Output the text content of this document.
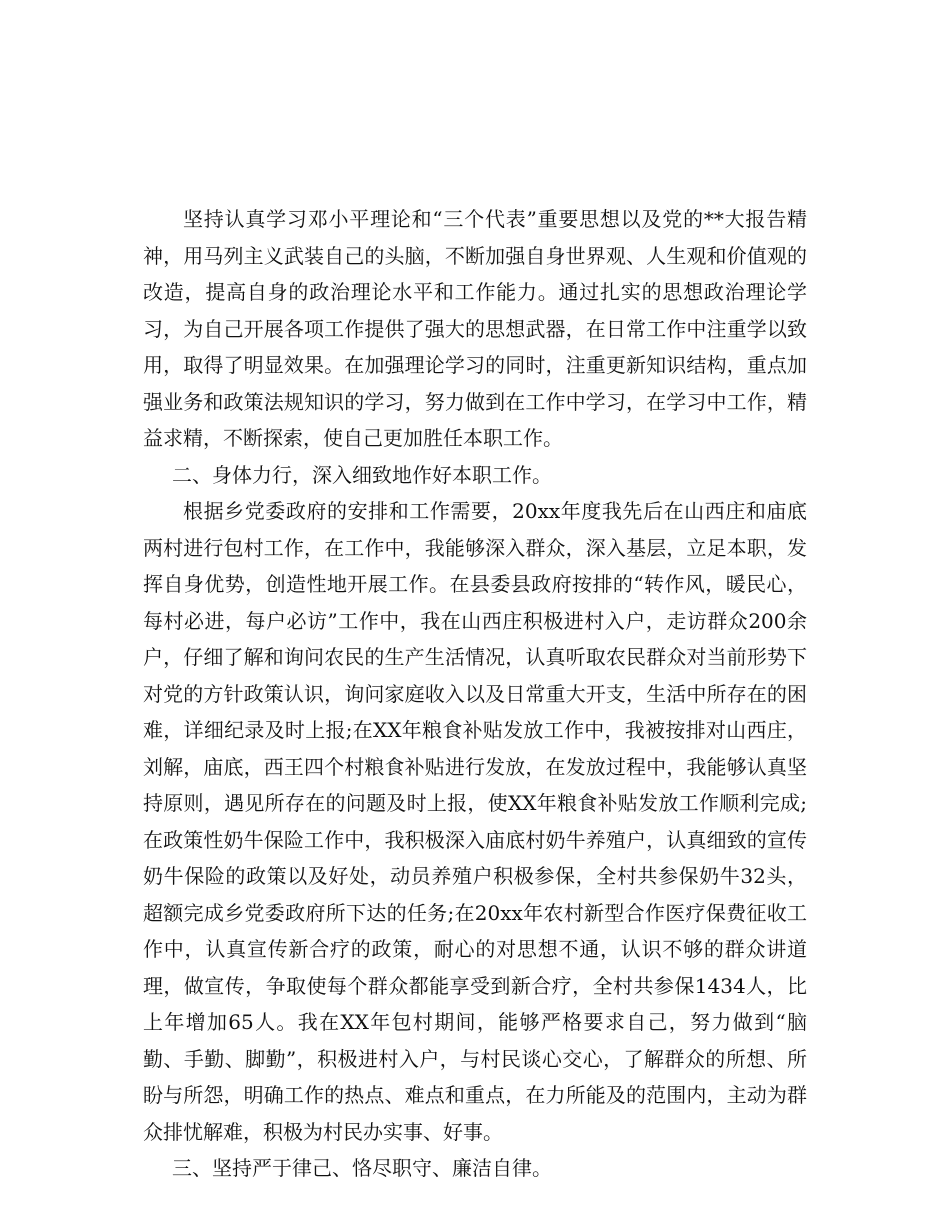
坚持认真学习邓小平理论和“三个代表”重要思想以及党的**大报告精神，用马列主义武装自己的头脑，不断加强自身世界观、人生观和价值观的改造，提高自身的政治理论水平和工作能力。通过扎实的思想政治理论学习，为自己开展各项工作提供了强大的思想武器，在日常工作中注重学以致用，取得了明显效果。在加强理论学习的同时，注重更新知识结构，重点加强业务和政策法规知识的学习，努力做到在工作中学习，在学习中工作，精益求精，不断探索，使自己更加胜任本职工作。

二、身体力行，深入细致地作好本职工作。

根据乡党委政府的安排和工作需要，20xx年度我先后在山西庄和庙底两村进行包村工作，在工作中，我能够深入群众，深入基层，立足本职，发挥自身优势，创造性地开展工作。在县委县政府按排的“转作风，暖民心，每村必进，每户必访”工作中，我在山西庄积极进村入户，走访群众200余户，仔细了解和询问农民的生产生活情况，认真听取农民群众对当前形势下对党的方针政策认识，询问家庭收入以及日常重大开支，生活中所存在的困难，详细纪录及时上报;在XX年粮食补贴发放工作中，我被按排对山西庄，刘解，庙底，西王四个村粮食补贴进行发放，在发放过程中，我能够认真坚持原则，遇见所存在的问题及时上报，使XX年粮食补贴发放工作顺利完成;在政策性奶牛保险工作中，我积极深入庙底村奶牛养殖户，认真细致的宣传奶牛保险的政策以及好处，动员养殖户积极参保，全村共参保奶牛32头，超额完成乡党委政府所下达的任务;在20xx年农村新型合作医疗保费征收工作中，认真宣传新合疗的政策，耐心的对思想不通，认识不够的群众讲道理，做宣传，争取使每个群众都能享受到新合疗，全村共参保1434人，比上年增加65人。我在XX年包村期间，能够严格要求自己，努力做到“脑勤、手勤、脚勤”，积极进村入户，与村民谈心交心，了解群众的所想、所盼与所怨，明确工作的热点、难点和重点，在力所能及的范围内，主动为群众排忧解难，积极为村民办实事、好事。

三、坚持严于律己、恪尽职守、廉洁自律。
